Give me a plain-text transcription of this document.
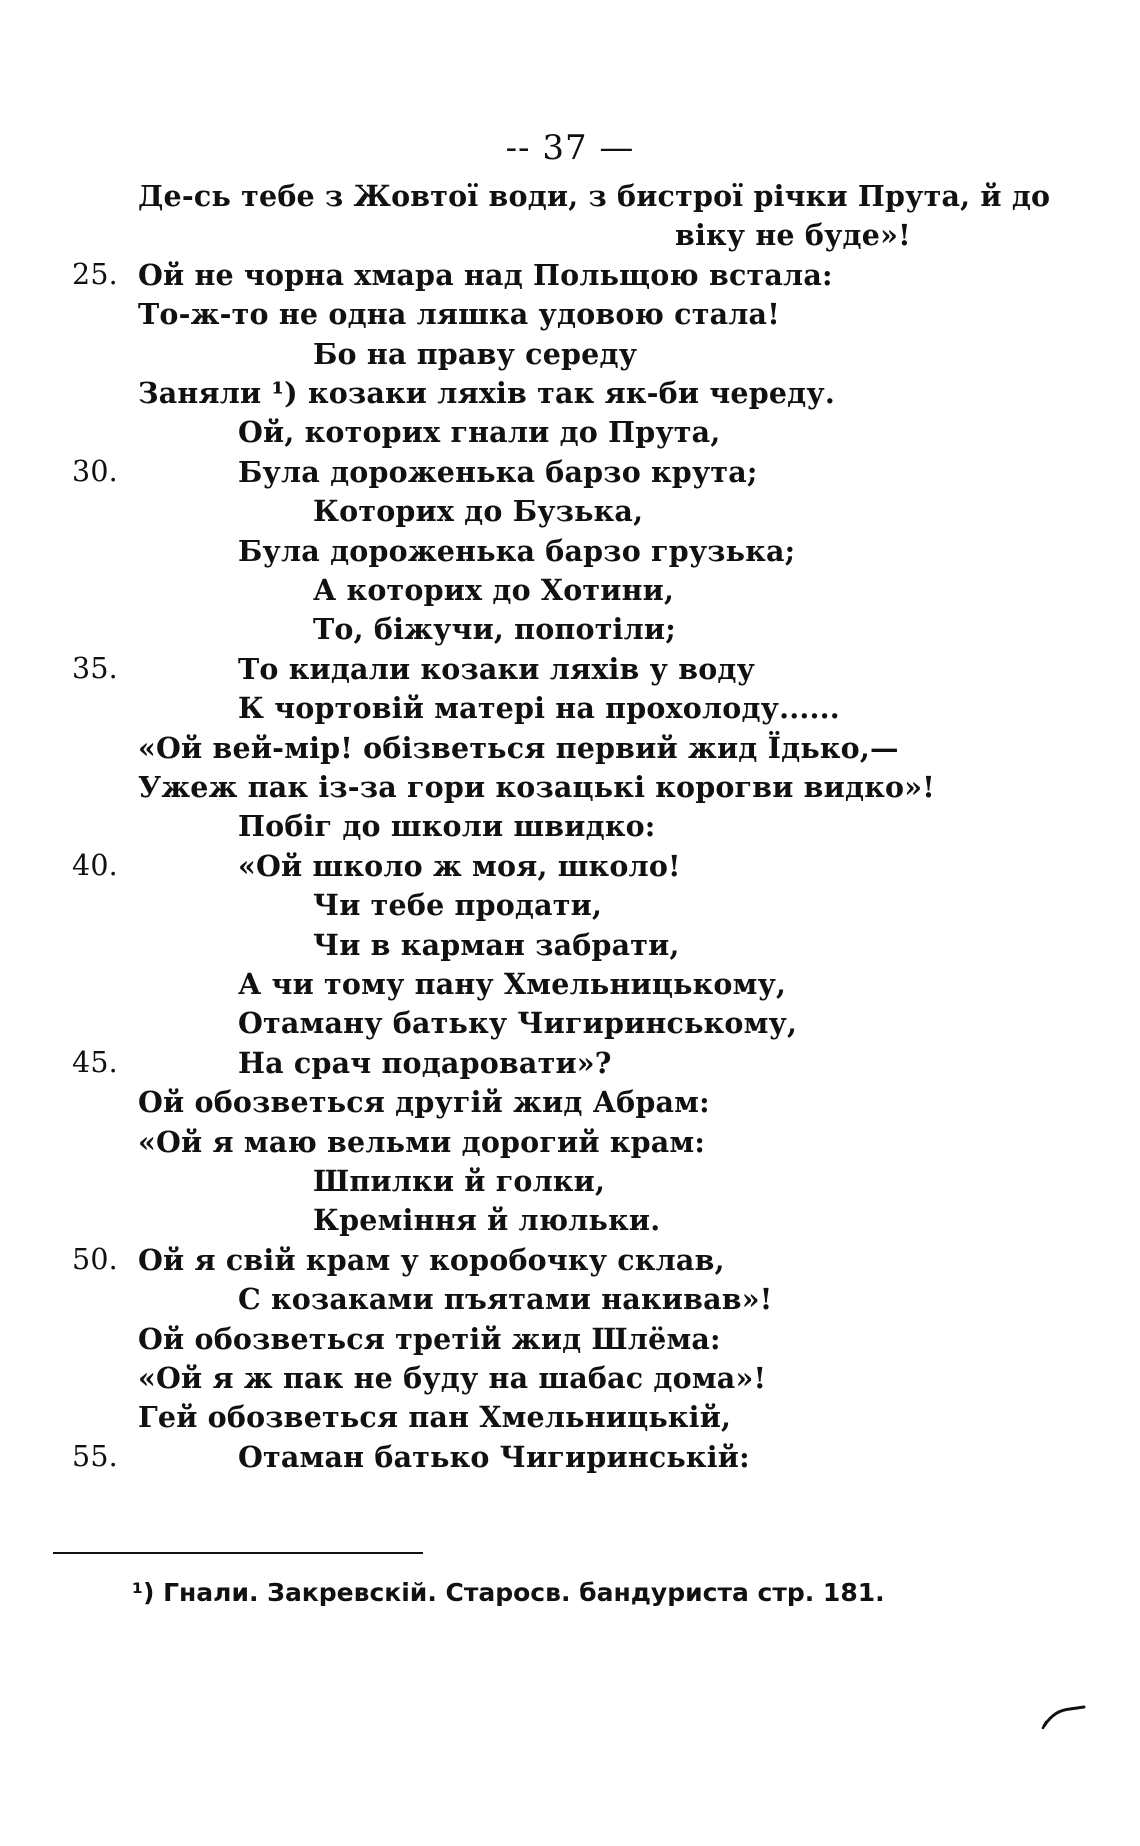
-- 37 —
Де-сь тебе з Жовтої води, з бистрої річки Прута, й до
віку не буде»!
25. Ой не чорна хмара над Польщою встала:
То-ж-то не одна ляшка удовою стала!
Бо на праву середу
Заняли ¹) козаки ляхів так як-би череду.
Ой, которих гнали до Прута,
30.	Була дороженька барзо крута;
Которих до Бузька,
Була дороженька барзо грузька;
А которих до Хотини,
То, біжучи, попотіли;
35.	То кидали козаки ляхів у воду
К чортовій матері на прохолоду......
«Ой вей-мір! обізветься первий жид Їдько,—
Ужеж пак із-за гори козацькі корогви видко»!
Побіг до школи швидко:
40.	«Ой школо ж моя, школо!
Чи тебе продати,
Чи в карман забрати,
А чи тому пану Хмельницькому,
Отаману батьку Чигиринському,
45.	На срач подаровати»?
Ой обозветься другій жид Абрам:
«Ой я маю вельми дорогий крам:
Шпилки й голки,
Креміння й люльки.
50. Ой я свій крам у коробочку склав,
С козаками пъятами накивав»!
Ой обозветься третій жид Шлёма:
«Ой я ж пак не буду на шабас дома»!
Гей обозветься пан Хмельницькій,
55.	Отаман батько Чигиринській:
¹) Гнали. Закревскій. Старосв. бандуриста стр. 181.
